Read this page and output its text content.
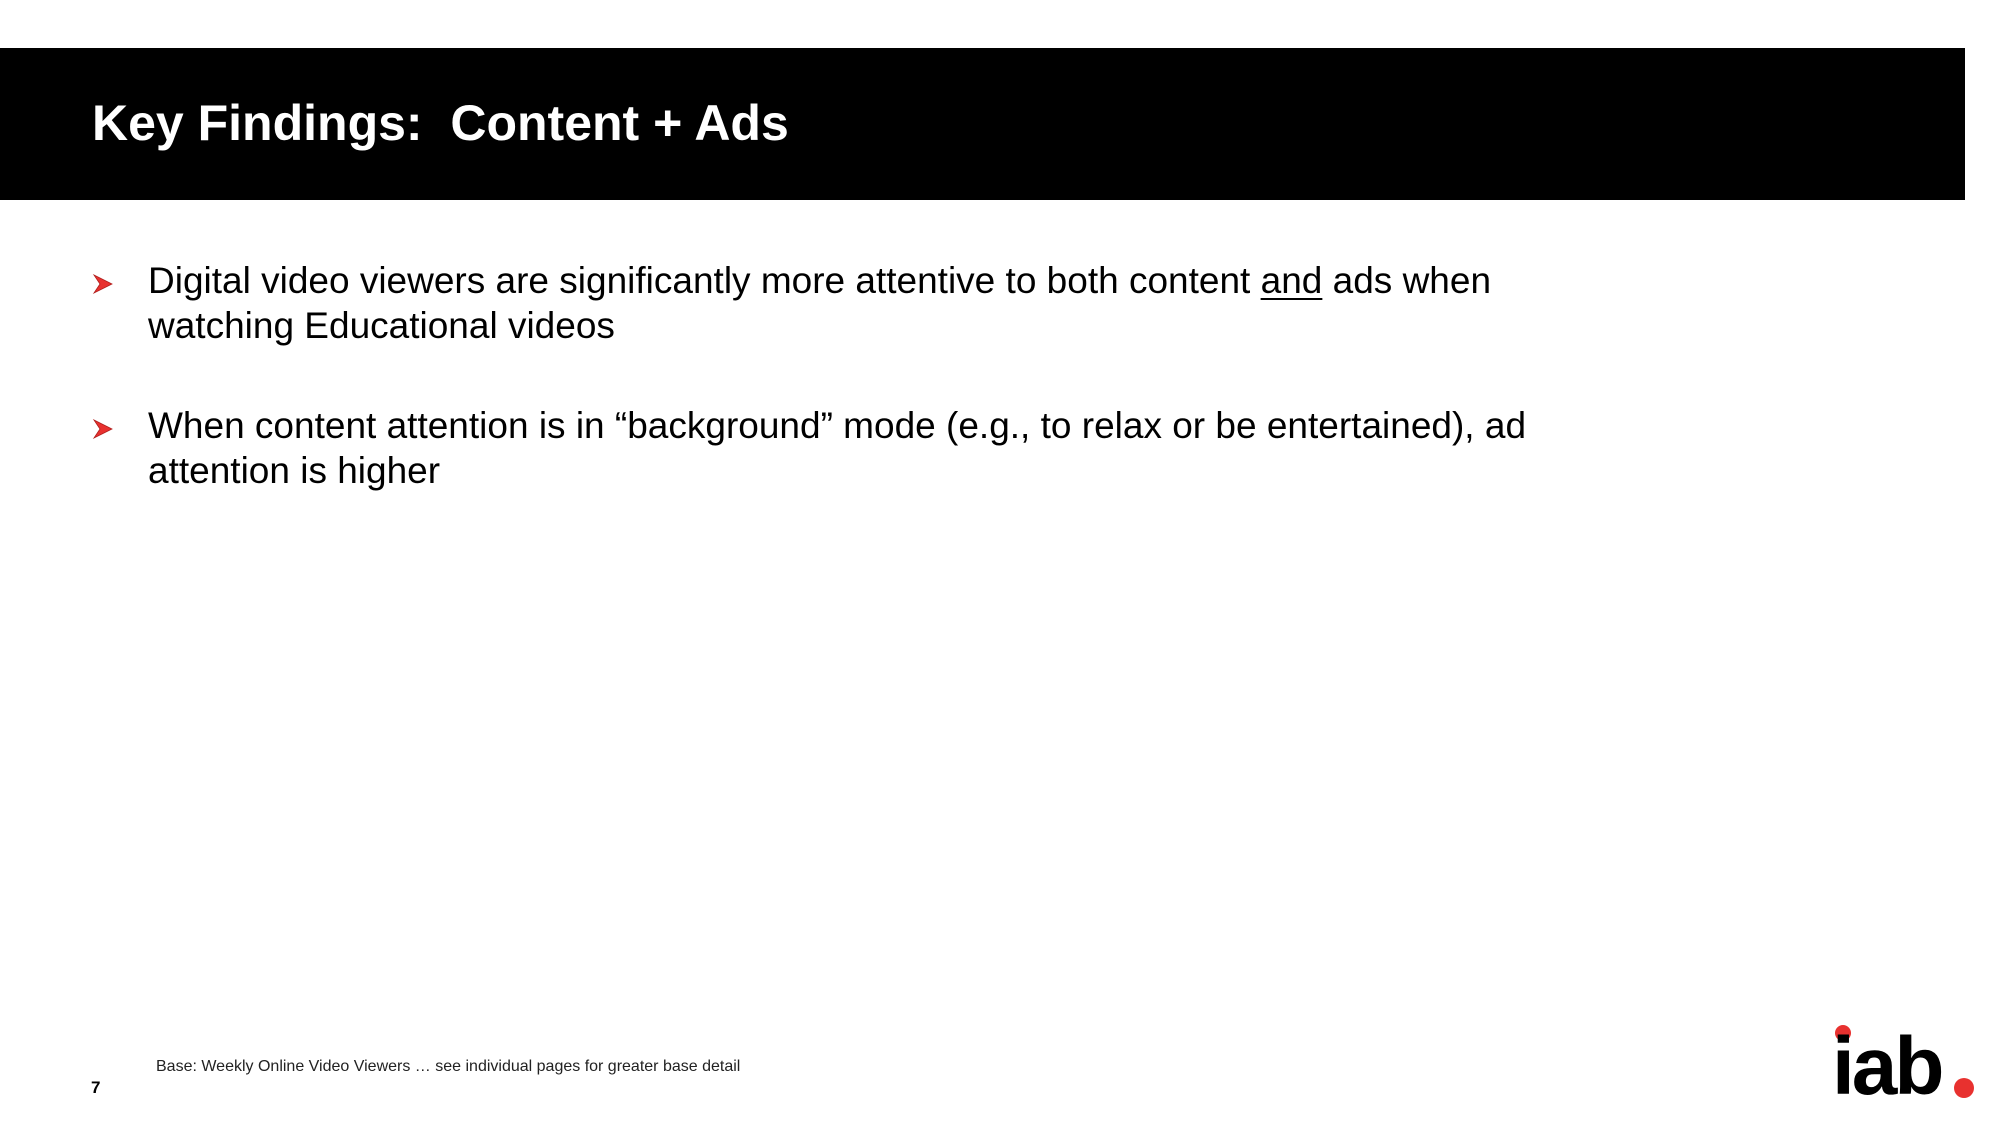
Key Findings:  Content + Ads
Digital video viewers are significantly more attentive to both content and ads when watching Educational videos
When content attention is in “background” mode (e.g., to relax or be entertained), ad attention is higher
Base: Weekly Online Video Viewers … see individual pages for greater base detail
7	iab
